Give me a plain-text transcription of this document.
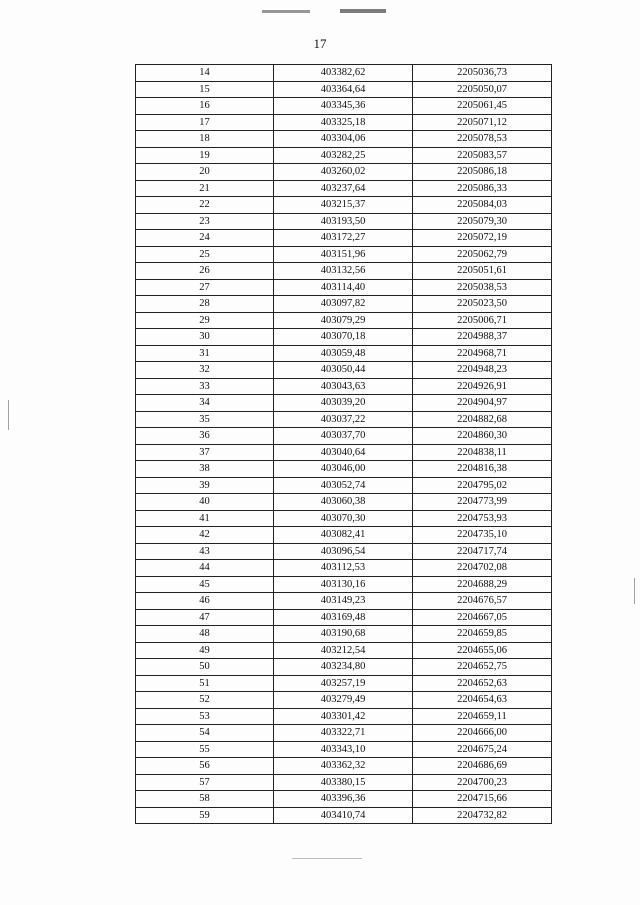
17
14	403382,62	2205036,73
15	403364,64	2205050,07
16	403345,36	2205061,45
17	403325,18	2205071,12
18	403304,06	2205078,53
19	403282,25	2205083,57
20	403260,02	2205086,18
21	403237,64	2205086,33
22	403215,37	2205084,03
23	403193,50	2205079,30
24	403172,27	2205072,19
25	403151,96	2205062,79
26	403132,56	2205051,61
27	403114,40	2205038,53
28	403097,82	2205023,50
29	403079,29	2205006,71
30	403070,18	2204988,37
31	403059,48	2204968,71
32	403050,44	2204948,23
33	403043,63	2204926,91
34	403039,20	2204904,97
35	403037,22	2204882,68
36	403037,70	2204860,30
37	403040,64	2204838,11
38	403046,00	2204816,38
39	403052,74	2204795,02
40	403060,38	2204773,99
41	403070,30	2204753,93
42	403082,41	2204735,10
43	403096,54	2204717,74
44	403112,53	2204702,08
45	403130,16	2204688,29
46	403149,23	2204676,57
47	403169,48	2204667,05
48	403190,68	2204659,85
49	403212,54	2204655,06
50	403234,80	2204652,75
51	403257,19	2204652,63
52	403279,49	2204654,63
53	403301,42	2204659,11
54	403322,71	2204666,00
55	403343,10	2204675,24
56	403362,32	2204686,69
57	403380,15	2204700,23
58	403396,36	2204715,66
59	403410,74	2204732,82
